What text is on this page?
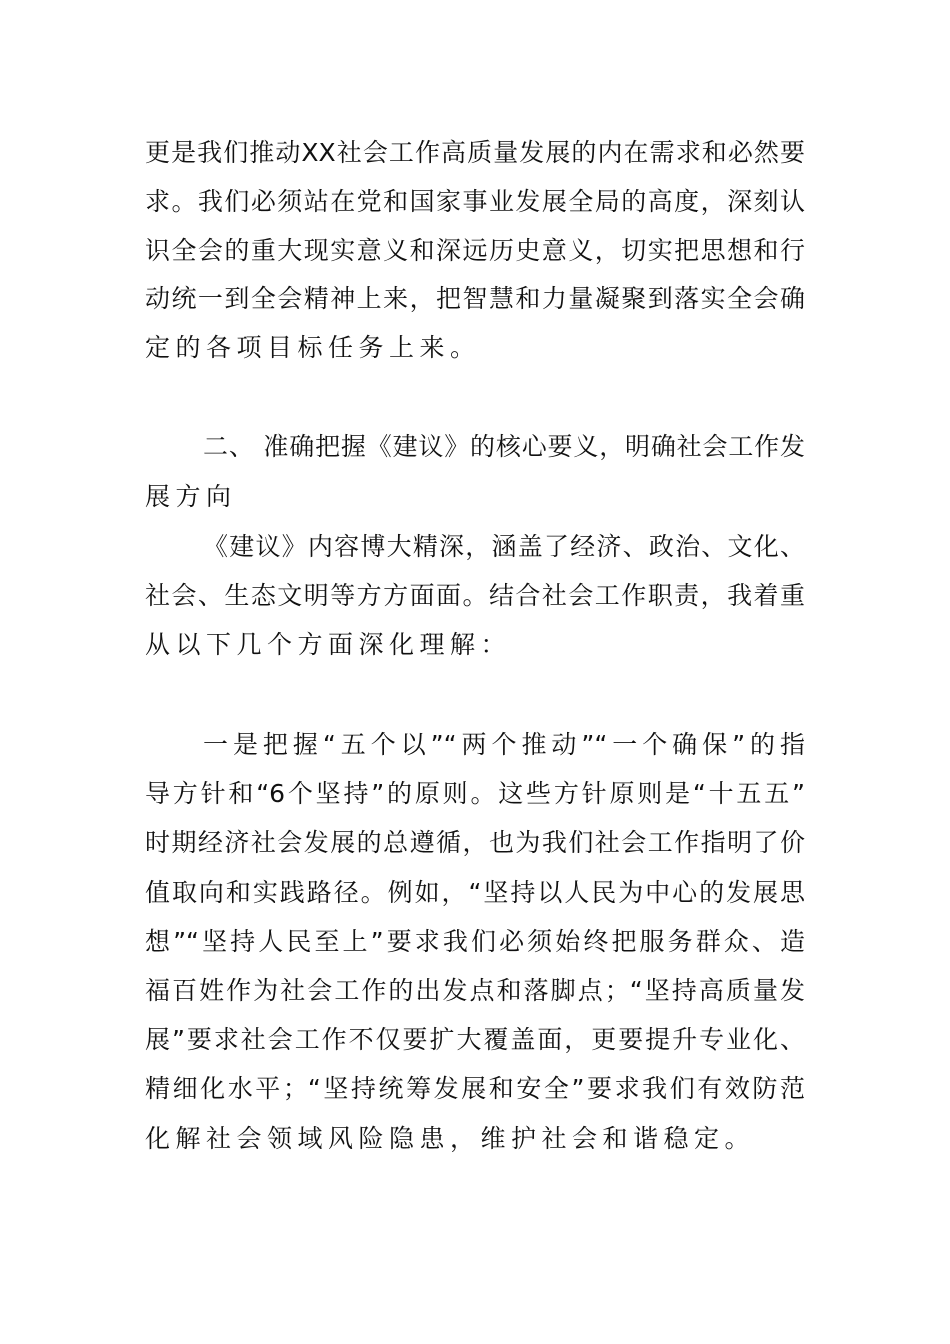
更是我们推动XX社会工作高质量发展的内在需求和必然要
求。我们必须站在党和国家事业发展全局的高度，深刻认
识全会的重大现实意义和深远历史意义，切实把思想和行
动统一到全会精神上来，把智慧和力量凝聚到落实全会确
定的各项目标任务上来。
二、 准确把握《建议》的核心要义，明确社会工作发
展方向
《建议》内容博大精深，涵盖了经济、政治、文化、
社会、生态文明等方方面面。结合社会工作职责，我着重
从以下几个方面深化理解：
一是把握“五个以”“两个推动”“一个确保”的指
导方针和“6个坚持”的原则。这些方针原则是“十五五”
时期经济社会发展的总遵循，也为我们社会工作指明了价
值取向和实践路径。例如，“坚持以人民为中心的发展思
想”“坚持人民至上”要求我们必须始终把服务群众、造
福百姓作为社会工作的出发点和落脚点；“坚持高质量发
展”要求社会工作不仅要扩大覆盖面，更要提升专业化、
精细化水平；“坚持统筹发展和安全”要求我们有效防范
化解社会领域风险隐患，维护社会和谐稳定。
